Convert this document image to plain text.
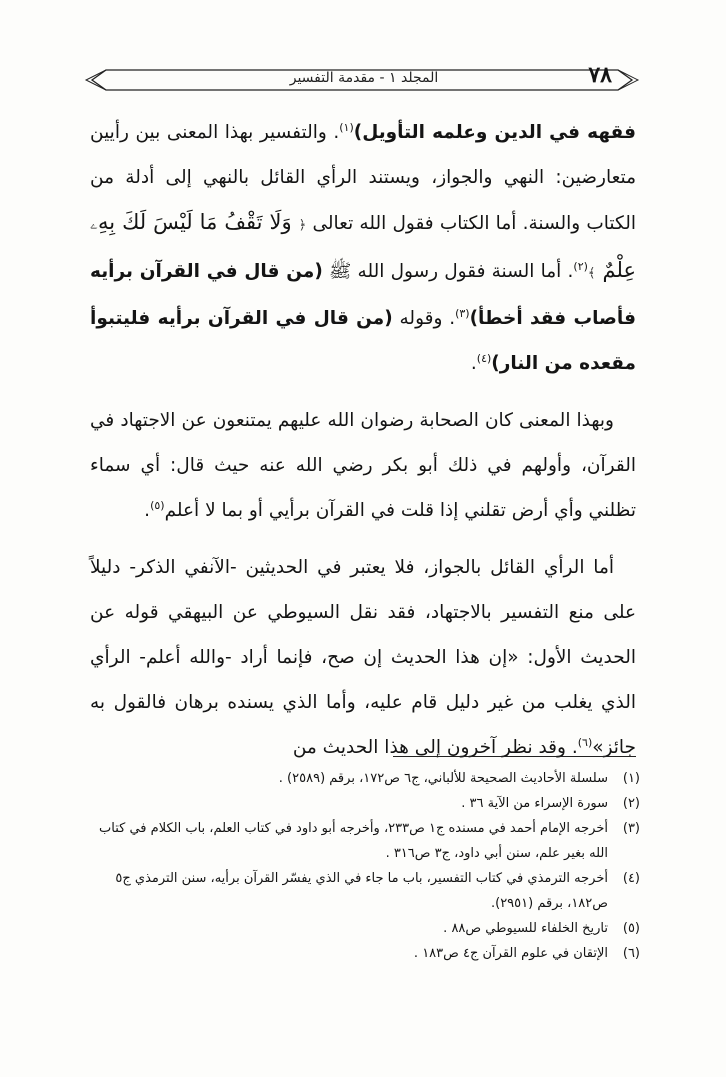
المجلد ١ - مقدمة التفسير	٧٨

فقهه في الدين وعلمه التأويل)$^{(١)}$. والتفسير بهذا المعنى بين رأيين متعارضين: النهي والجواز، ويستند الرأي القائل بالنهي إلى أدلة من الكتاب والسنة. أما الكتاب فقول الله تعالى ﴿ وَلَا تَقْفُ مَا لَيْسَ لَكَ بِهِۦ عِلْمٌ ﴾$^{(٢)}$. أما السنة فقول رسول الله ﷺ (من قال في القرآن برأيه فأصاب فقد أخطأ)$^{(٣)}$. وقوله (من قال في القرآن برأيه فليتبوأ مقعده من النار)$^{(٤)}$.

وبهذا المعنى كان الصحابة رضوان الله عليهم يمتنعون عن الاجتهاد في القرآن، وأولهم في ذلك أبو بكر رضي الله عنه حيث قال: أي سماء تظلني وأي أرض تقلني إذا قلت في القرآن برأيي أو بما لا أعلم$^{(٥)}$.

أما الرأي القائل بالجواز، فلا يعتبر في الحديثين -الآنفي الذكر- دليلاً على منع التفسير بالاجتهاد، فقد نقل السيوطي عن البيهقي قوله عن الحديث الأول: «إن هذا الحديث إن صح، فإنما أراد -والله أعلم- الرأي الذي يغلب من غير دليل قام عليه، وأما الذي يسنده برهان فالقول به جائز»$^{(٦)}$. وقد نظر آخرون إلى هذا الحديث من

(١)
سلسلة الأحاديث الصحيحة للألباني، ج٦ ص١٧٢، برقم (٢٥٨٩) .
(٢)
سورة الإسراء من الآية ٣٦ .
(٣)
أخرجه الإمام أحمد في مسنده ج١ ص٢٣٣، وأخرجه أبو داود في كتاب العلم، باب الكلام في كتاب الله بغير علم، سنن أبي داود، ج٣ ص٣١٦ .
(٤)
أخرجه الترمذي في كتاب التفسير، باب ما جاء في الذي يفسّر القرآن برأيه، سنن الترمذي ج٥ ص١٨٢، برقم (٢٩٥١).
(٥)
تاريخ الخلفاء للسيوطي ص٨٨ .
(٦)
الإتقان في علوم القرآن ج٤ ص١٨٣ .
